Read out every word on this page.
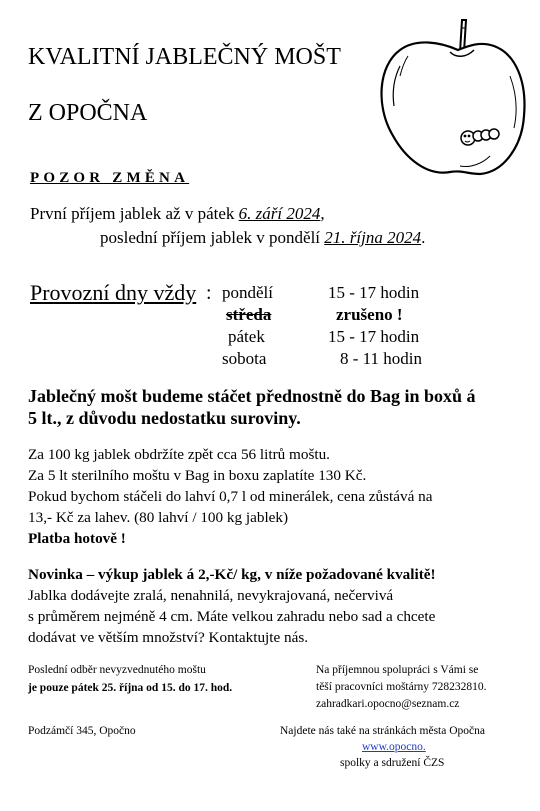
KVALITNÍ JABLEČNÝ MOŠT
Z OPOČNA
POZOR ZMĚNA
První příjem jablek až v pátek 6. září 2024,
poslední příjem jablek v pondělí 21. října 2024.
Provozní dny vždy : pondělí	15 - 17 hodin
středa	zrušeno !
pátek	15 - 17 hodin
sobota	8 - 11 hodin
Jablečný mošt budeme stáčet přednostně do Bag in boxů á
5 lt., z důvodu nedostatku suroviny.
Za 100 kg jablek obdržíte zpět cca 56 litrů moštu.
Za 5 lt sterilního moštu v Bag in boxu zaplatíte 130 Kč.
Pokud bychom stáčeli do lahví 0,7 l od minerálek, cena zůstává na
13,- Kč za lahev. (80 lahví / 100 kg jablek)
Platba hotově !
Novinka – výkup jablek á 2,-Kč/ kg, v níže požadované kvalitě!
Jablka dodávejte zralá, nenahnilá, nevykrajovaná, nečervivá
s průměrem nejméně 4 cm. Máte velkou zahradu nebo sad a chcete
dodávat ve větším množství? Kontaktujte nás.
Poslední odběr nevyzvednutého moštu
je pouze pátek 25. října od 15. do 17. hod.
Na příjemnou spolupráci s Vámi se
těší pracovníci moštárny 728232810.
zahradkari.opocno@seznam.cz
Podzámčí 345, Opočno	Najdete nás také na stránkách města Opočna
www.opocno.
spolky a sdružení ČZS
